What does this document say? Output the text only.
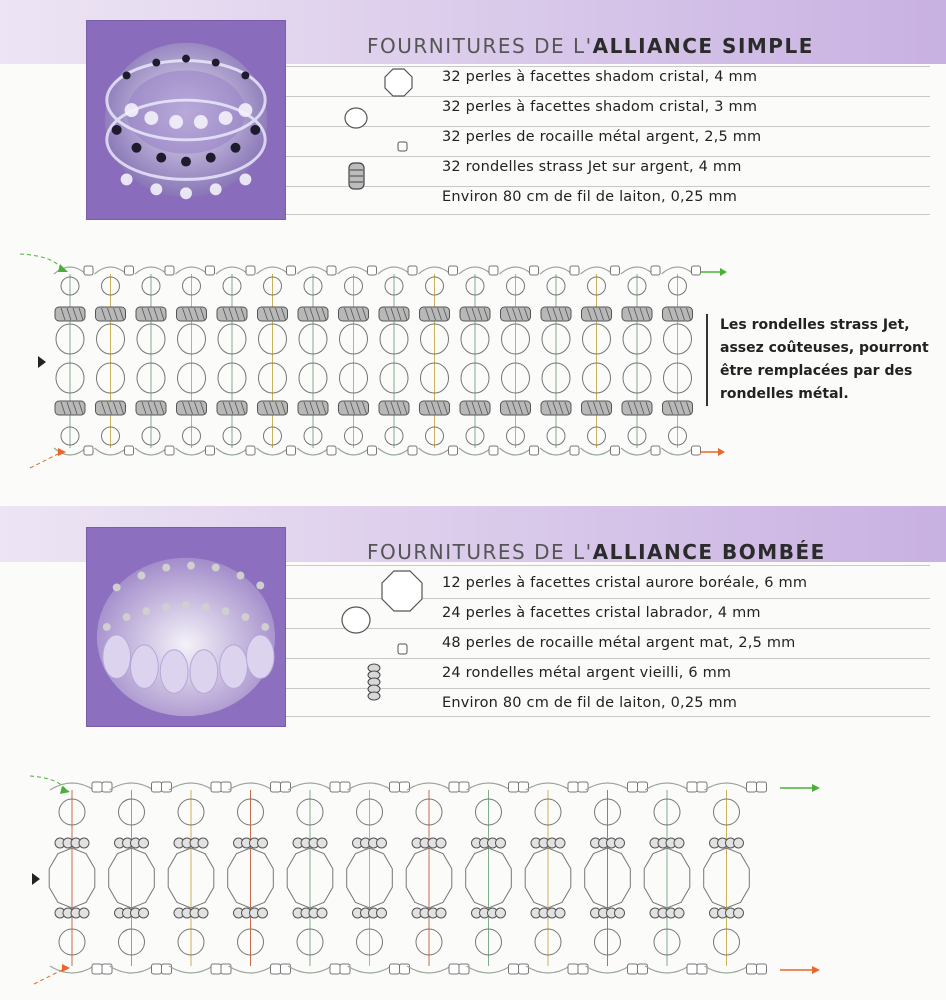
FOURNITURES DE L'ALLIANCE SIMPLE
32 perles à facettes shadom cristal, 4 mm
32 perles à facettes shadom cristal, 3 mm
32 perles de rocaille métal argent, 2,5 mm
32 rondelles strass Jet sur argent, 4 mm
Environ 80 cm de fil de laiton, 0,25 mm
Les rondelles strass Jet, assez coûteuses, pourront être remplacées par des rondelles métal.
FOURNITURES DE L'ALLIANCE BOMBÉE
12 perles à facettes cristal aurore boréale, 6 mm
24 perles à facettes cristal labrador, 4 mm
48 perles de rocaille métal argent mat, 2,5 mm
24 rondelles métal argent vieilli, 6 mm
Environ 80 cm de fil de laiton, 0,25 mm
